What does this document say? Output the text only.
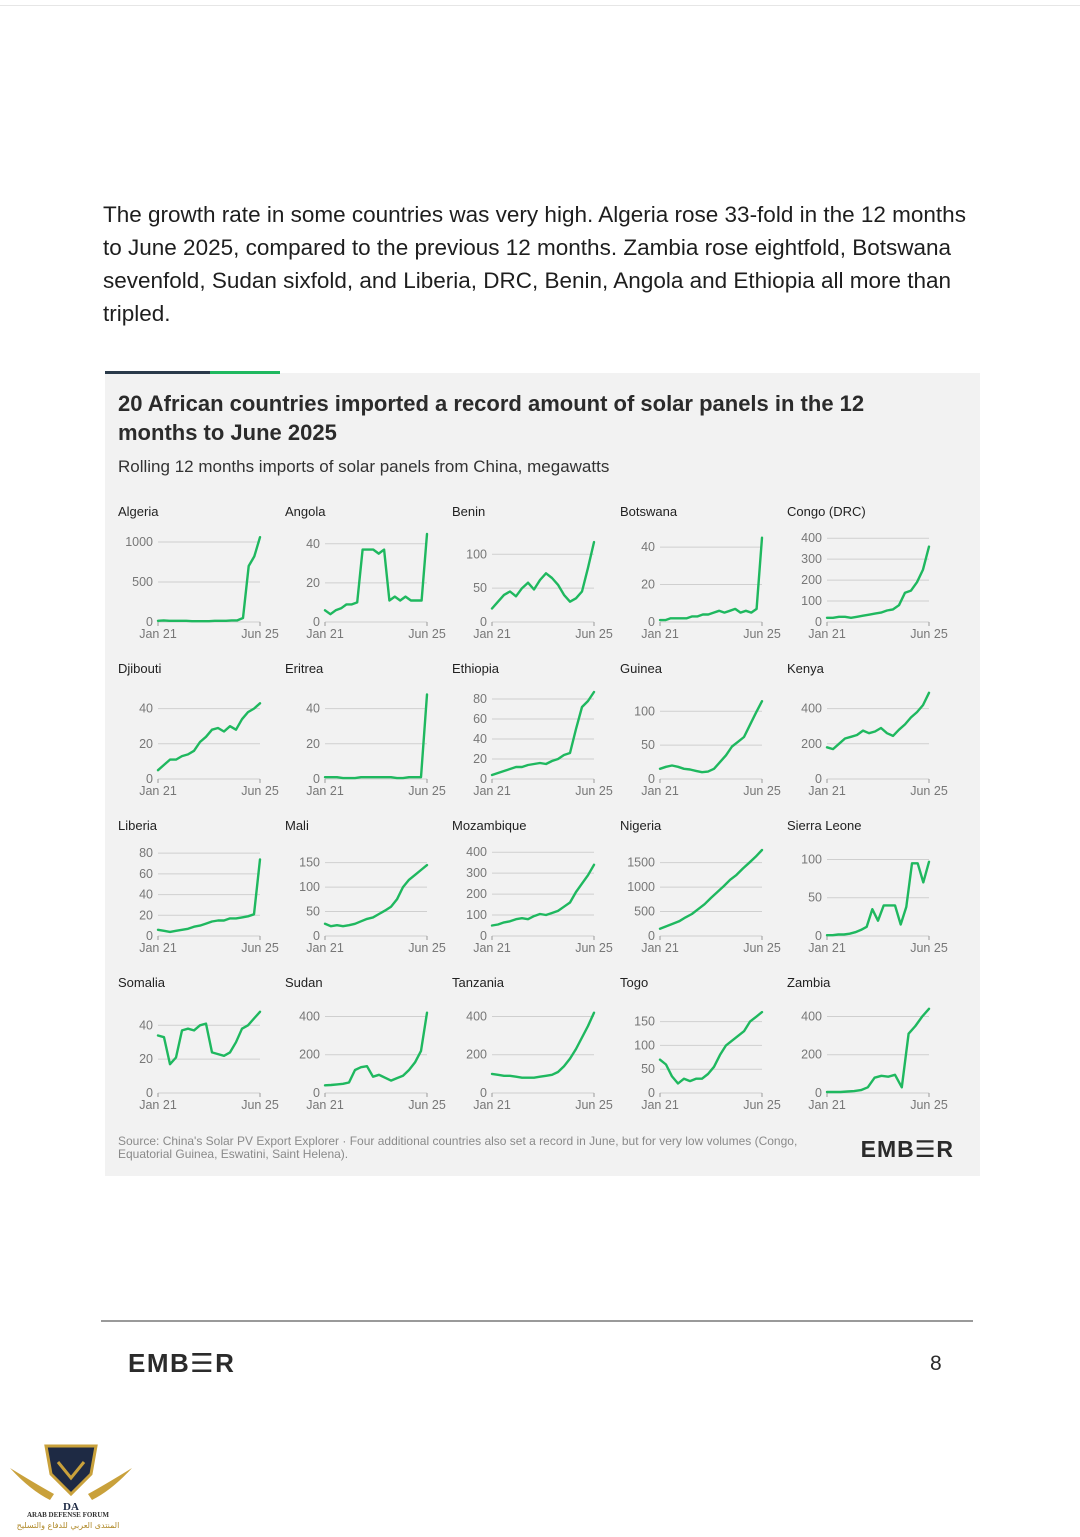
The growth rate in some countries was very high. Algeria rose 33-fold in the 12 months to June 2025, compared to the previous 12 months. Zambia rose eightfold, Botswana sevenfold, Sudan sixfold, and Liberia, DRC, Benin, Angola and Ethiopia all more than tripled.

20 African countries imported a record amount of solar panels in the 12 months to June 2025

Rolling 12 months imports of solar panels from China, megawatts

Algeria
0
500
1000
Jan 21	Jun 25
Angola
0
20
40
Jan 21	Jun 25
Benin
0
50
100
Jan 21	Jun 25
Botswana
0
20
40
Jan 21	Jun 25
Congo (DRC)
0
100
200
300
400
Jan 21	Jun 25
Djibouti
0
20
40
Jan 21	Jun 25
Eritrea
0
20
40
Jan 21	Jun 25
Ethiopia
0
20
40
60
80
Jan 21	Jun 25
Guinea
0
50
100
Jan 21	Jun 25
Kenya
0
200
400
Jan 21	Jun 25
Liberia
0
20
40
60
80
Jan 21	Jun 25
Mali
0
50
100
150
Jan 21	Jun 25
Mozambique
0
100
200
300
400
Jan 21	Jun 25
Nigeria
0
500
1000
1500
Jan 21	Jun 25
Sierra Leone
0
50
100
Jan 21	Jun 25
Somalia
0
20
40
Jan 21	Jun 25
Sudan
0
200
400
Jan 21	Jun 25
Tanzania
0
200
400
Jan 21	Jun 25
Togo
0
50
100
150
Jan 21	Jun 25
Zambia
0
200
400
Jan 21	Jun 25

Source: China's Solar PV Export Explorer · Four additional countries also set a record in June, but for very low volumes (Congo, Equatorial Guinea, Eswatini, Saint Helena).	EMB☰R
EMB☰R	8
DA
ARAB DEFENSE FORUM
المنتدى العربي للدفاع والتسليح
